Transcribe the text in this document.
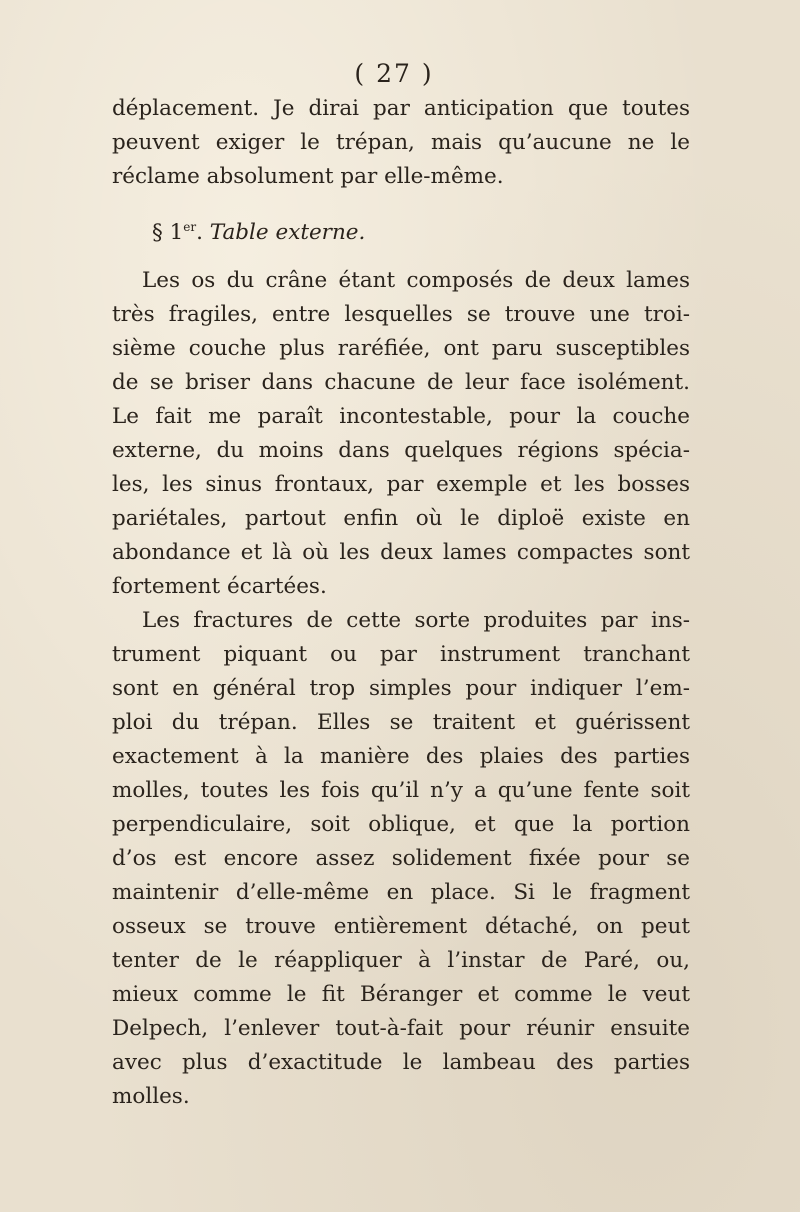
( 27 )

déplacement. Je dirai par anticipation que toutes
peuvent exiger le trépan, mais qu’aucune ne le
réclame absolument par elle-même.

§ 1er. Table externe.

Les os du crâne étant composés de deux lames
très fragiles, entre lesquelles se trouve une troi-
sième couche plus raréfiée, ont paru susceptibles
de se briser dans chacune de leur face isolément.
Le fait me paraît incontestable, pour la couche
externe, du moins dans quelques régions spécia-
les, les sinus frontaux, par exemple et les bosses
pariétales, partout enfin où le diploë existe en
abondance et là où les deux lames compactes sont
fortement écartées.

Les fractures de cette sorte produites par ins-
trument piquant ou par instrument tranchant
sont en général trop simples pour indiquer l’em-
ploi du trépan. Elles se traitent et guérissent
exactement à la manière des plaies des parties
molles, toutes les fois qu’il n’y a qu’une fente soit
perpendiculaire, soit oblique, et que la portion
d’os est encore assez solidement fixée pour se
maintenir d’elle-même en place. Si le fragment
osseux se trouve entièrement détaché, on peut
tenter de le réappliquer à l’instar de Paré, ou,
mieux comme le fit Béranger et comme le veut
Delpech, l’enlever tout-à-fait pour réunir ensuite
avec plus d’exactitude le lambeau des parties
molles.
